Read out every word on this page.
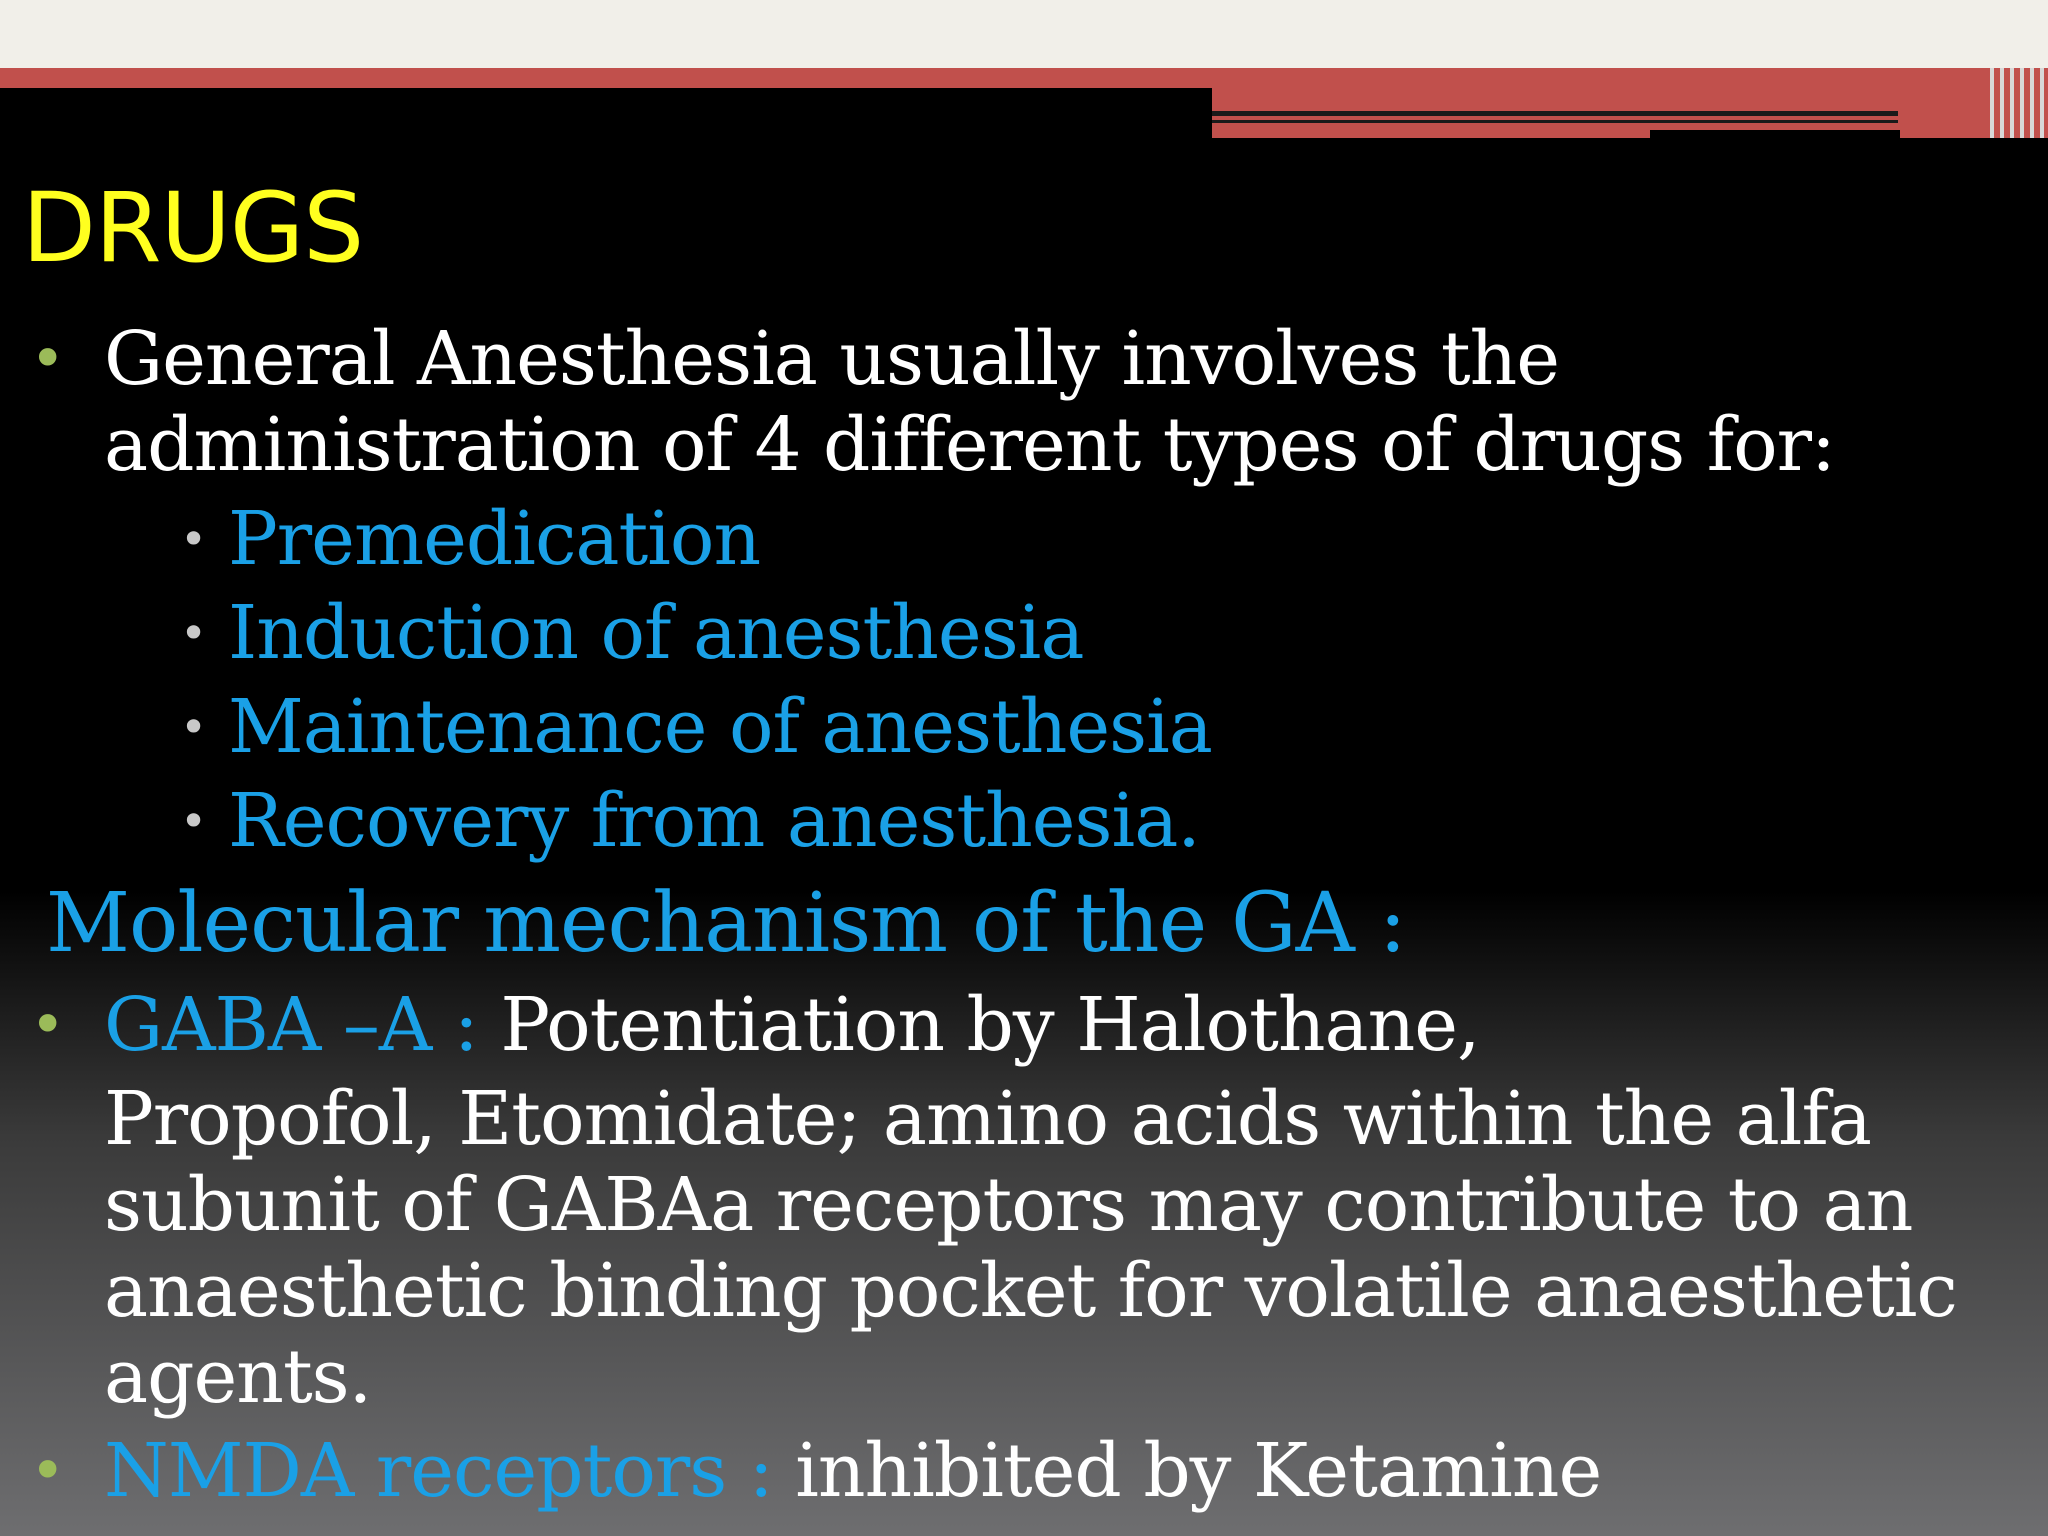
DRUGS
• General Anesthesia usually involves the

administration of 4 different types of drugs for:

• Premedication

• Induction of anesthesia

• Maintenance of anesthesia

• Recovery from anesthesia.

Molecular mechanism of the GA :
• GABA –A : Potentiation by Halothane,

Propofol, Etomidate; amino acids within the alfa

subunit of GABAa receptors may contribute to an

anaesthetic binding pocket for volatile anaesthetic

agents.

• NMDA receptors : inhibited by Ketamine
